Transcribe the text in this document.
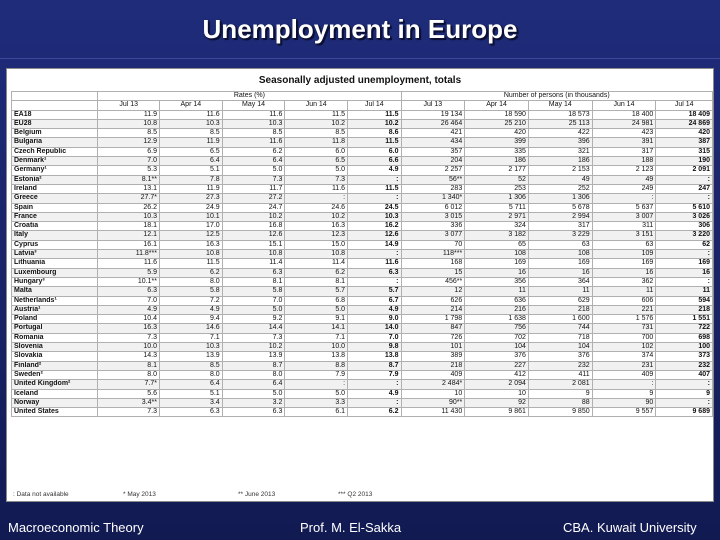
Unemployment in Europe
Seasonally adjusted unemployment, totals
	Rates (%)					Number of persons (in thousands)				
	Jul 13	Apr 14	May 14	Jun 14	Jul 14	Jul 13	Apr 14	May 14	Jun 14	Jul 14
EA18	11.9	11.6	11.6	11.5	11.5	19 134	18 590	18 573	18 400	18 409
EU28	10.8	10.3	10.3	10.2	10.2	26 464	25 210	25 113	24 981	24 869
Belgium	8.5	8.5	8.5	8.5	8.6	421	420	422	423	420
Bulgaria	12.9	11.9	11.6	11.8	11.5	434	399	396	391	387
Czech Republic	6.9	6.5	6.2	6.0	6.0	357	335	321	317	315
Denmark¹	7.0	6.4	6.4	6.5	6.6	204	186	186	188	190
Germany¹	5.3	5.1	5.0	5.0	4.9	2 257	2 177	2 153	2 123	2 091
Estonia²	8.1**	7.8	7.3	7.3	:	56**	52	49	49	:
Ireland	13.1	11.9	11.7	11.6	11.5	283	253	252	249	247
Greece	27.7*	27.3	27.2	:	:	1 340*	1 306	1 306	:	:
Spain	26.2	24.9	24.7	24.6	24.5	6 012	5 711	5 678	5 637	5 610
France	10.3	10.1	10.2	10.2	10.3	3 015	2 971	2 994	3 007	3 026
Croatia	18.1	17.0	16.8	16.3	16.2	336	324	317	311	306
Italy	12.1	12.5	12.6	12.3	12.6	3 077	3 182	3 229	3 151	3 220
Cyprus	16.1	16.3	15.1	15.0	14.9	70	65	63	63	62
Latvia³	11.8***	10.8	10.8	10.8	:	118***	108	108	109	:
Lithuania	11.6	11.5	11.4	11.4	11.6	168	169	169	169	169
Luxembourg	5.9	6.2	6.3	6.2	6.3	15	16	16	16	16
Hungary³	10.1**	8.0	8.1	8.1	:	456**	356	364	362	:
Malta	6.3	5.8	5.8	5.7	5.7	12	11	11	11	11
Netherlands¹	7.0	7.2	7.0	6.8	6.7	626	636	629	606	594
Austria¹	4.9	4.9	5.0	5.0	4.9	214	216	218	221	218
Poland	10.4	9.4	9.2	9.1	9.0	1 798	1 638	1 600	1 576	1 551
Portugal	16.3	14.6	14.4	14.1	14.0	847	756	744	731	722
Romania	7.3	7.1	7.3	7.1	7.0	726	702	718	700	698
Slovenia	10.0	10.3	10.2	10.0	9.8	101	104	104	102	100
Slovakia	14.3	13.9	13.9	13.8	13.8	389	376	376	374	373
Finland²	8.1	8.5	8.7	8.8	8.7	218	227	232	231	232
Sweden²	8.0	8.0	8.0	7.9	7.9	409	412	411	409	407
United Kingdom²	7.7*	6.4	6.4	:	:	2 484*	2 094	2 081	:	:
Iceland	5.6	5.1	5.0	5.0	4.9	10	10	9	9	9
Norway	3.4**	3.4	3.2	3.3	:	90**	92	88	90	:
United States	7.3	6.3	6.3	6.1	6.2	11 430	9 861	9 850	9 557	9 689
: Data not available	* May 2013	** June 2013	*** Q2 2013
Macroeconomic Theory	Prof. M. El-Sakka	CBA. Kuwait University
